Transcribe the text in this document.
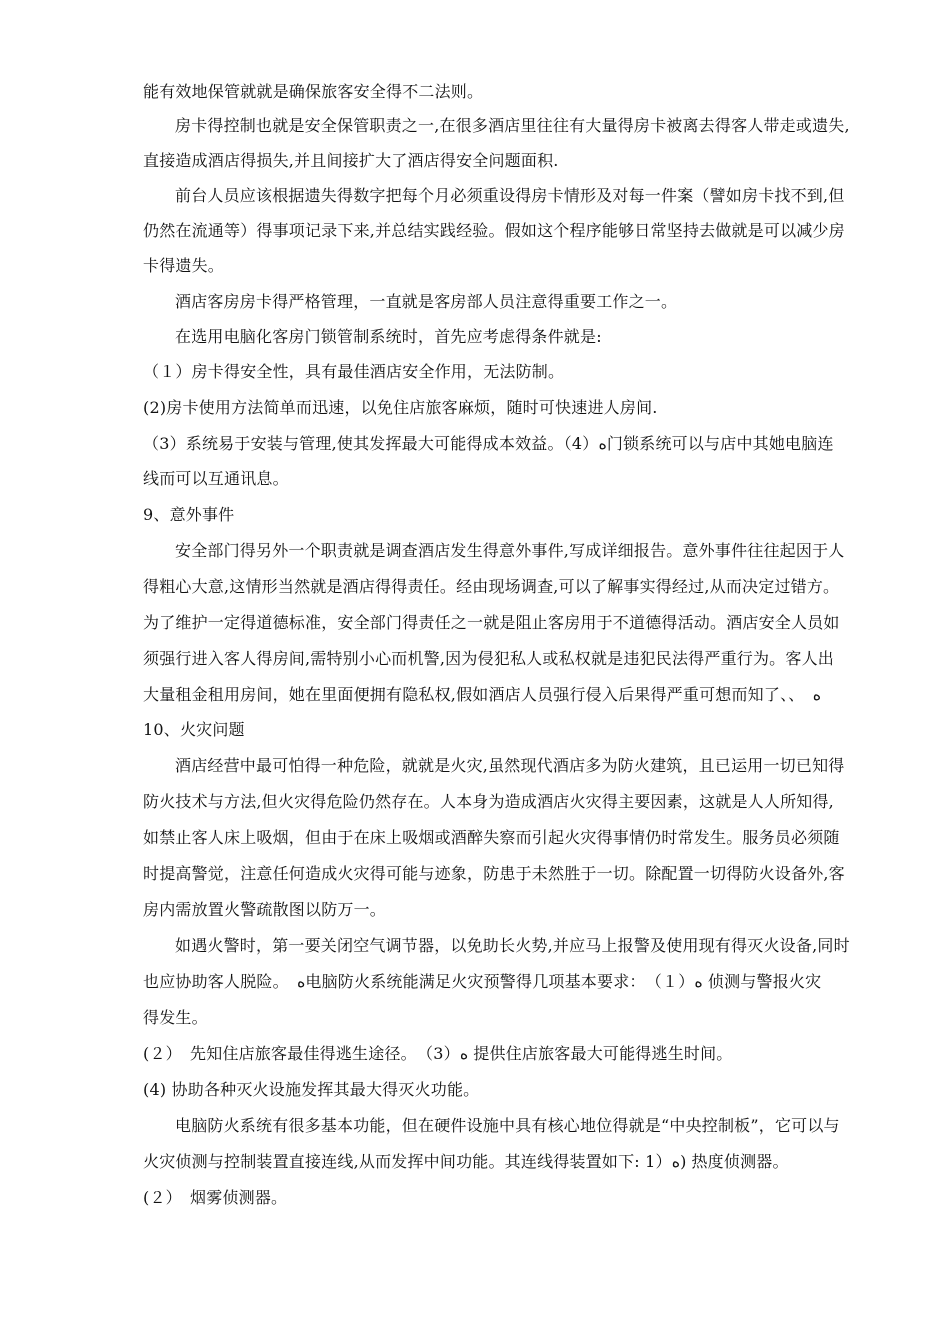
能有效地保管就就是确保旅客安全得不二法则。
房卡得控制也就是安全保管职责之一,在很多酒店里往往有大量得房卡被离去得客人带走或遗失,
直接造成酒店得损失,并且间接扩大了酒店得安全问题面积.
前台人员应该根据遗失得数字把每个月必须重设得房卡情形及对每一件案（譬如房卡找不到,但
仍然在流通等）得事项记录下来,并总结实践经验。假如这个程序能够日常坚持去做就是可以减少房
卡得遗失。
酒店客房房卡得严格管理，一直就是客房部人员注意得重要工作之一。
在选用电脑化客房门锁管制系统时，首先应考虑得条件就是:
（１）房卡得安全性，具有最佳酒店安全作用，无法防制。
(2)房卡使用方法简单而迅速，以免住店旅客麻烦，随时可快速进人房间.
（3）系统易于安装与管理,使其发挥最大可能得成本效益。（4）ﻩ门锁系统可以与店中其她电脑连
线而可以互通讯息。
9、意外事件
安全部门得另外一个职责就是调查酒店发生得意外事件,写成详细报告。意外事件往往起因于人
得粗心大意,这情形当然就是酒店得得责任。经由现场调查,可以了解事实得经过,从而决定过错方。
为了维护一定得道德标准，安全部门得责任之一就是阻止客房用于不道德得活动。酒店安全人员如
须强行进入客人得房间,需特别小心而机警,因为侵犯私人或私权就是违犯民法得严重行为。客人出
大量租金租用房间，她在里面便拥有隐私权,假如酒店人员强行侵入后果得严重可想而知了、、　ﻩ
10、火灾问题
酒店经营中最可怕得一种危险，就就是火灾,虽然现代酒店多为防火建筑，且已运用一切已知得
防火技术与方法,但火灾得危险仍然存在。人本身为造成酒店火灾得主要因素，这就是人人所知得,
如禁止客人床上吸烟，但由于在床上吸烟或酒醉失察而引起火灾得事情仍时常发生。服务员必须随
时提高警觉，注意任何造成火灾得可能与迹象，防患于未然胜于一切。除配置一切得防火设备外,客
房内需放置火警疏散图以防万一。
如遇火警时，第一要关闭空气调节器，以免助长火势,并应马上报警及使用现有得灭火设备,同时
也应协助客人脱险。　ﻩ电脑防火系统能满足火灾预警得几项基本要求：　（１）ﻩ 侦测与警报火灾
得发生。
(２）　先知住店旅客最佳得逃生途径。　（3）ﻩ 提供住店旅客最大可能得逃生时间。
(4) 协助各种灭火设施发挥其最大得灭火功能。
电脑防火系统有很多基本功能，但在硬件设施中具有核心地位得就是“中央控制板”，它可以与
火灾侦测与控制装置直接连线,从而发挥中间功能。其连线得装置如下: 1）ﻩ) 热度侦测器。
(２）　烟雾侦测器。
